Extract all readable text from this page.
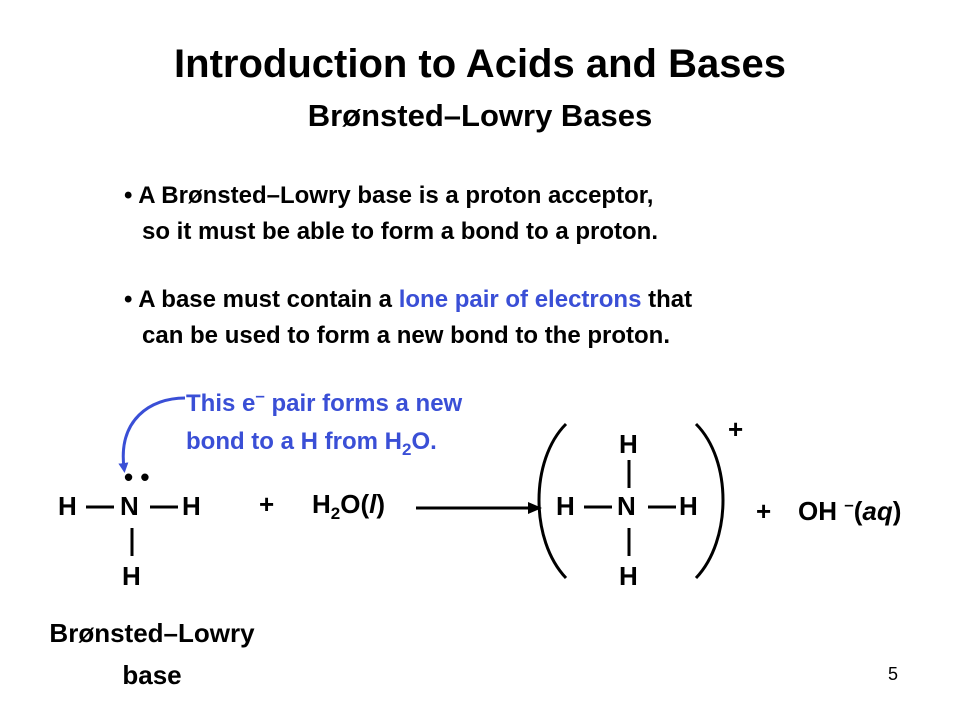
Introduction to Acids and Bases
Brønsted–Lowry Bases
• A Brønsted–Lowry base is a proton acceptor,
so it must be able to form a bond to a proton.
• A base must contain a lone pair of electrons that
can be used to form a new bond to the proton.
This e– pair forms a new
bond to a H from $H_2O$.
• •
H N H
H
+ $H_2O(l)$
H
H N H
H
+
+ OH –(aq)
Brønsted–Lowry
base	5
